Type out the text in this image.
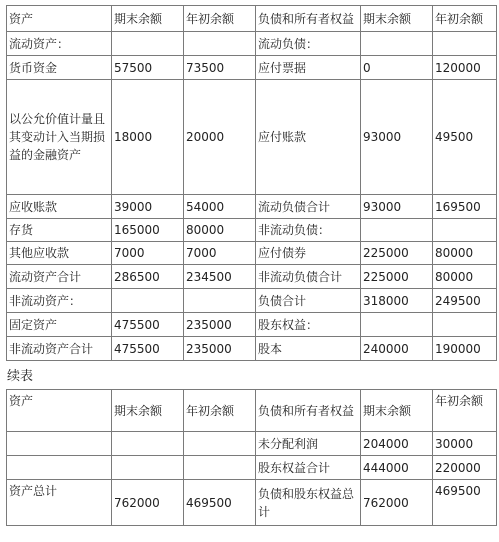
资产	期末余额	年初余额	负债和所有者权益	期末余额	年初余额
流动资产：			流动负债：		
货币资金	57500	73500	应付票据	0	120000
以公允价值计量且其变动计入当期损益的金融资产	18000	20000	应付账款	93000	49500
应收账款	39000	54000	流动负债合计	93000	169500
存货	165000	80000	非流动负债：		
其他应收款	7000	7000	应付债券	225000	80000
流动资产合计	286500	234500	非流动负债合计	225000	80000
非流动资产：			负债合计	318000	249500
固定资产	475500	235000	股东权益：		
非流动资产合计	475500	235000	股本	240000	190000
续表
资产	期末余额	年初余额	负债和所有者权益	期末余额	年初余额
			未分配利润	204000	30000
			股东权益合计	444000	220000
资产总计	762000	469500	负债和股东权益总计	762000	469500
